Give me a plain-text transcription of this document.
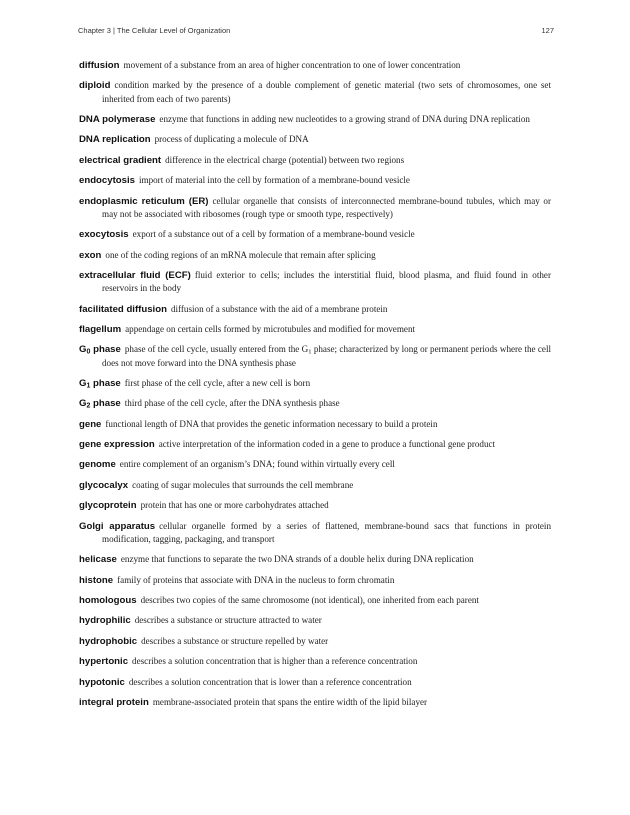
Chapter 3 | The Cellular Level of Organization	127

diffusion movement of a substance from an area of higher concentration to one of lower concentration

diploid condition marked by the presence of a double complement of genetic material (two sets of chromosomes, one set inherited from each of two parents)

DNA polymerase enzyme that functions in adding new nucleotides to a growing strand of DNA during DNA replication

DNA replication process of duplicating a molecule of DNA

electrical gradient difference in the electrical charge (potential) between two regions

endocytosis import of material into the cell by formation of a membrane-bound vesicle

endoplasmic reticulum (ER) cellular organelle that consists of interconnected membrane-bound tubules, which may or may not be associated with ribosomes (rough type or smooth type, respectively)

exocytosis export of a substance out of a cell by formation of a membrane-bound vesicle

exon one of the coding regions of an mRNA molecule that remain after splicing

extracellular fluid (ECF) fluid exterior to cells; includes the interstitial fluid, blood plasma, and fluid found in other reservoirs in the body

facilitated diffusion diffusion of a substance with the aid of a membrane protein

flagellum appendage on certain cells formed by microtubules and modified for movement

$G_0$ phase phase of the cell cycle, usually entered from the $G_1$ phase; characterized by long or permanent periods where the cell does not move forward into the DNA synthesis phase

$G_1$ phase first phase of the cell cycle, after a new cell is born

$G_2$ phase third phase of the cell cycle, after the DNA synthesis phase

gene functional length of DNA that provides the genetic information necessary to build a protein

gene expression active interpretation of the information coded in a gene to produce a functional gene product

genome entire complement of an organism’s DNA; found within virtually every cell

glycocalyx coating of sugar molecules that surrounds the cell membrane

glycoprotein protein that has one or more carbohydrates attached

Golgi apparatus cellular organelle formed by a series of flattened, membrane-bound sacs that functions in protein modification, tagging, packaging, and transport

helicase enzyme that functions to separate the two DNA strands of a double helix during DNA replication

histone family of proteins that associate with DNA in the nucleus to form chromatin

homologous describes two copies of the same chromosome (not identical), one inherited from each parent

hydrophilic describes a substance or structure attracted to water

hydrophobic describes a substance or structure repelled by water

hypertonic describes a solution concentration that is higher than a reference concentration

hypotonic describes a solution concentration that is lower than a reference concentration

integral protein membrane-associated protein that spans the entire width of the lipid bilayer
